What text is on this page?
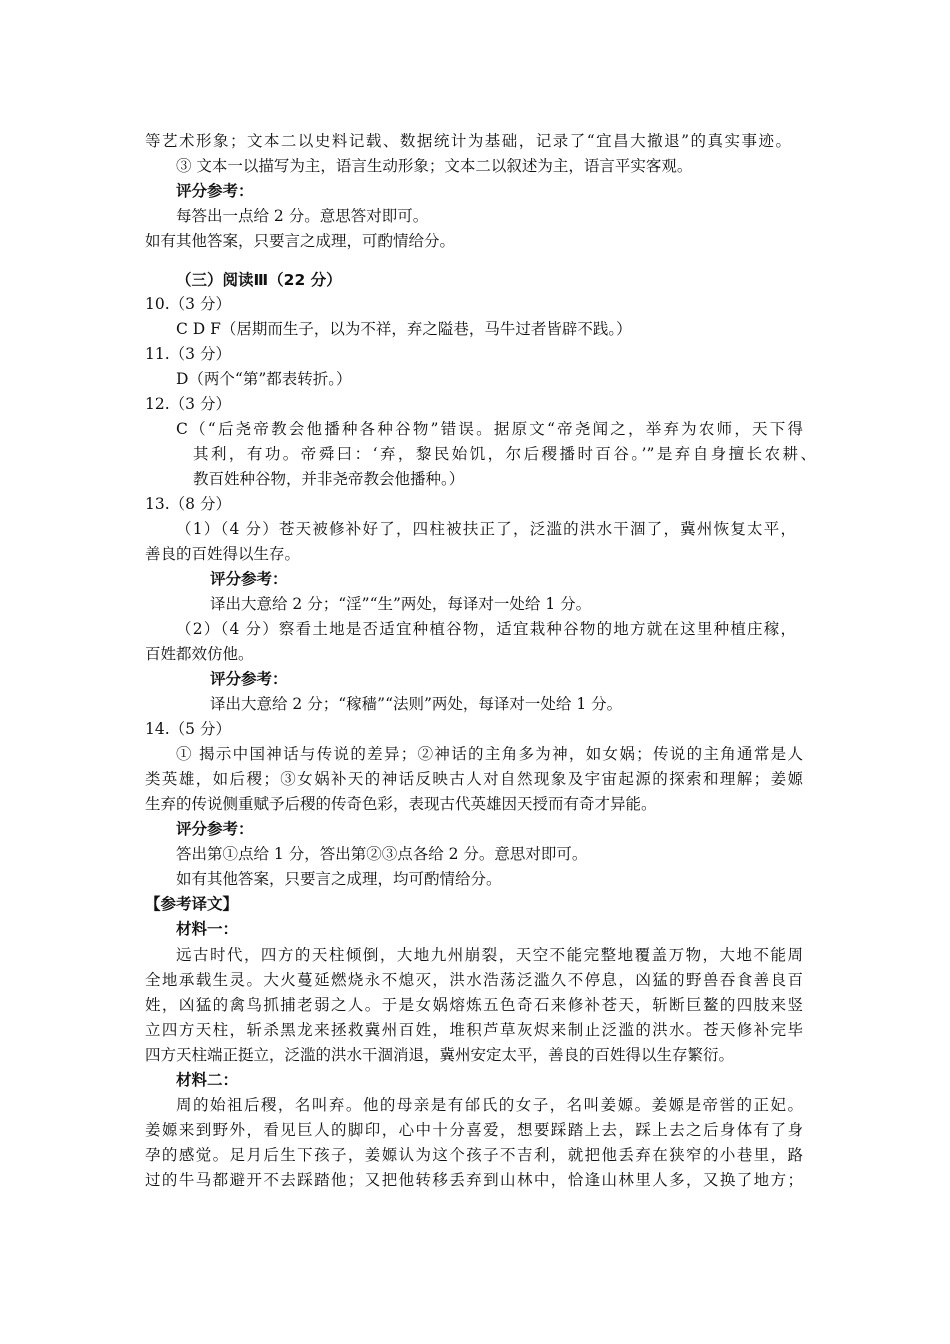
等艺术形象；文本二以史料记载、数据统计为基础，记录了“宜昌大撤退”的真实事迹。
③ 文本一以描写为主，语言生动形象；文本二以叙述为主，语言平实客观。
评分参考：
每答出一点给 2 分。意思答对即可。
如有其他答案，只要言之成理，可酌情给分。
（三）阅读Ⅲ（22 分）
10.（3 分）
C D F（居期而生子，以为不祥，弃之隘巷，马牛过者皆辟不践。）
11.（3 分）
D（两个“第”都表转折。）
12.（3 分）
C（“后尧帝教会他播种各种谷物”错误。据原文“帝尧闻之，举弃为农师，天下得
其利，有功。帝舜曰：‘弃，黎民始饥，尔后稷播时百谷。’”是弃自身擅长农耕、
教百姓种谷物，并非尧帝教会他播种。）
13.（8 分）
（1）（4 分）苍天被修补好了，四柱被扶正了，泛滥的洪水干涸了，冀州恢复太平，
善良的百姓得以生存。
评分参考：
译出大意给 2 分；“淫”“生”两处，每译对一处给 1 分。
（2）（4 分）察看土地是否适宜种植谷物，适宜栽种谷物的地方就在这里种植庄稼，
百姓都效仿他。
评分参考：
译出大意给 2 分；“稼穑”“法则”两处，每译对一处给 1 分。
14.（5 分）
① 揭示中国神话与传说的差异；②神话的主角多为神，如女娲；传说的主角通常是人
类英雄，如后稷；③女娲补天的神话反映古人对自然现象及宇宙起源的探索和理解；姜嫄
生弃的传说侧重赋予后稷的传奇色彩，表现古代英雄因天授而有奇才异能。
评分参考：
答出第①点给 1 分，答出第②③点各给 2 分。意思对即可。
如有其他答案，只要言之成理，均可酌情给分。
【参考译文】
材料一：
远古时代，四方的天柱倾倒，大地九州崩裂，天空不能完整地覆盖万物，大地不能周
全地承载生灵。大火蔓延燃烧永不熄灭，洪水浩荡泛滥久不停息，凶猛的野兽吞食善良百
姓，凶猛的禽鸟抓捕老弱之人。于是女娲熔炼五色奇石来修补苍天，斩断巨鳌的四肢来竖
立四方天柱，斩杀黑龙来拯救冀州百姓，堆积芦草灰烬来制止泛滥的洪水。苍天修补完毕
四方天柱端正挺立，泛滥的洪水干涸消退，冀州安定太平，善良的百姓得以生存繁衍。
材料二：
周的始祖后稷，名叫弃。他的母亲是有邰氏的女子，名叫姜嫄。姜嫄是帝喾的正妃。
姜嫄来到野外，看见巨人的脚印，心中十分喜爱，想要踩踏上去，踩上去之后身体有了身
孕的感觉。足月后生下孩子，姜嫄认为这个孩子不吉利，就把他丢弃在狭窄的小巷里，路
过的牛马都避开不去踩踏他；又把他转移丢弃到山林中，恰逢山林里人多，又换了地方；
